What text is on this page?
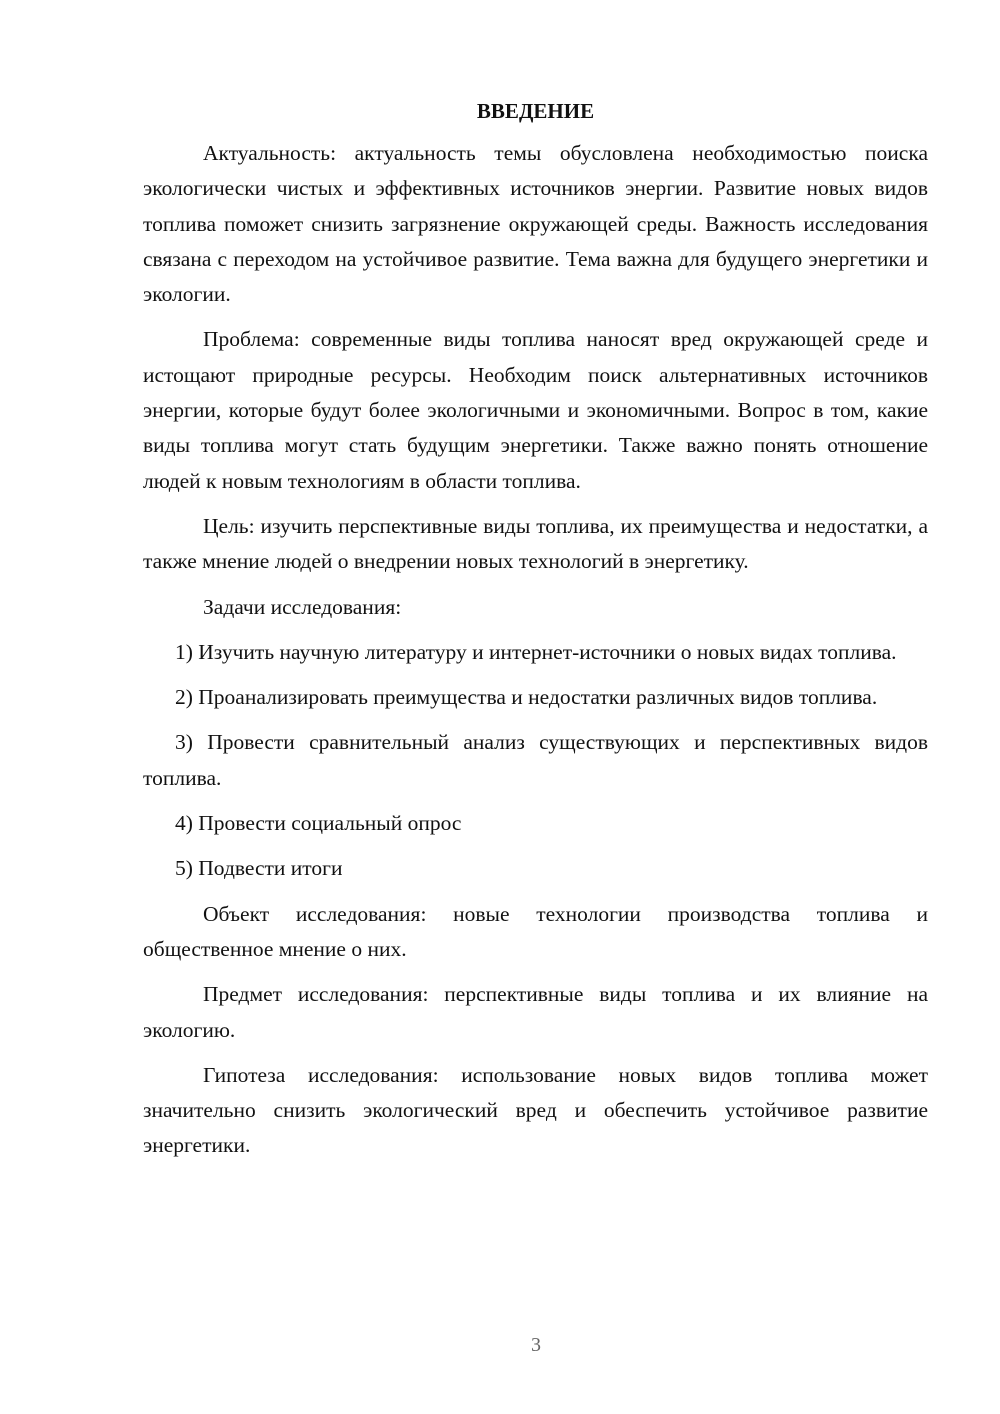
ВВЕДЕНИЕ

Актуальность: актуальность темы обусловлена необходимостью поиска экологически чистых и эффективных источников энергии. Развитие новых видов топлива поможет снизить загрязнение окружающей среды. Важность исследования связана с переходом на устойчивое развитие. Тема важна для будущего энергетики и экологии.

Проблема: современные виды топлива наносят вред окружающей среде и истощают природные ресурсы. Необходим поиск альтернативных источников энергии, которые будут более экологичными и экономичными. Вопрос в том, какие виды топлива могут стать будущим энергетики. Также важно понять отношение людей к новым технологиям в области топлива.

Цель: изучить перспективные виды топлива, их преимущества и недостатки, а также мнение людей о внедрении новых технологий в энергетику.

Задачи исследования:

1) Изучить научную литературу и интернет-источники о новых видах топлива.

2) Проанализировать преимущества и недостатки различных видов топлива.

3) Провести сравнительный анализ существующих и перспективных видов топлива.

4) Провести социальный опрос

5) Подвести итоги

Объект исследования: новые технологии производства топлива и общественное мнение о них.

Предмет исследования: перспективные виды топлива и их влияние на экологию.

Гипотеза исследования: использование новых видов топлива может значительно снизить экологический вред и обеспечить устойчивое развитие энергетики.

3
